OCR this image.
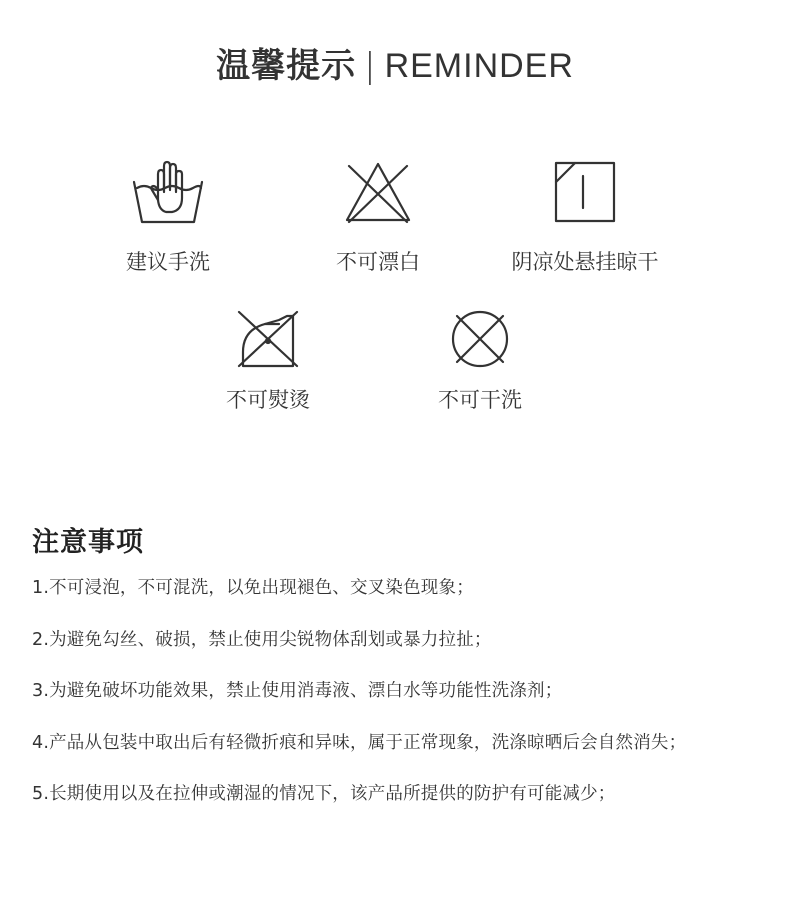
温馨提示 | REMINDER
建议手洗	不可漂白	阴凉处悬挂晾干
不可熨烫	不可干洗
注意事项
1.不可浸泡，不可混洗，以免出现褪色、交叉染色现象；
2.为避免勾丝、破损，禁止使用尖锐物体刮划或暴力拉扯；
3.为避免破坏功能效果，禁止使用消毒液、漂白水等功能性洗涤剂；
4.产品从包装中取出后有轻微折痕和异味，属于正常现象，洗涤晾晒后会自然消失；
5.长期使用以及在拉伸或潮湿的情况下，该产品所提供的防护有可能减少；
